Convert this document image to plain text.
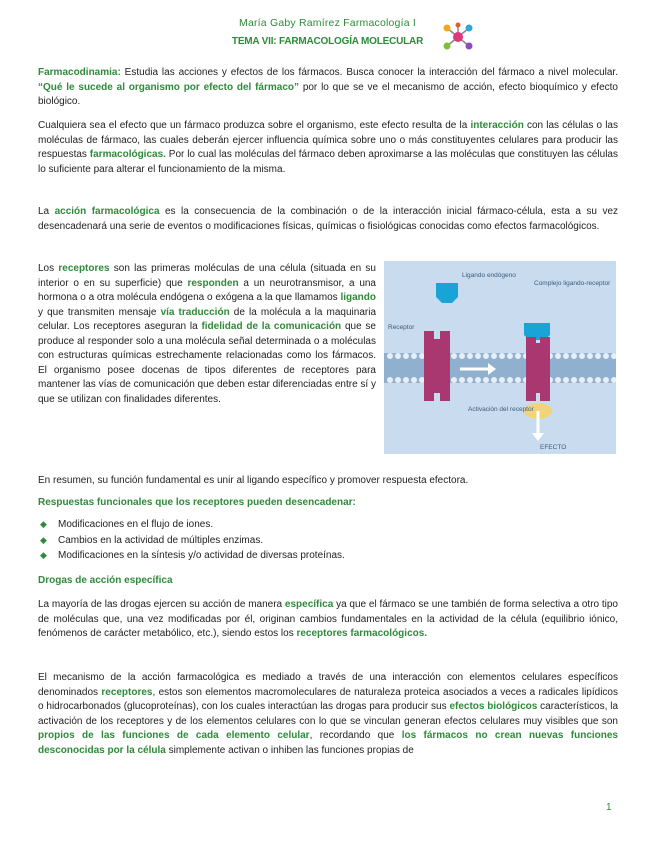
María Gaby Ramírez Farmacología I
TEMA VII: FARMACOLOGÍA MOLECULAR

Farmacodinamia: Estudia las acciones y efectos de los fármacos. Busca conocer la interacción del fármaco a nivel molecular. “Qué le sucede al organismo por efecto del fármaco” por lo que se ve el mecanismo de acción, efecto bioquímico y efecto biológico.

Cualquiera sea el efecto que un fármaco produzca sobre el organismo, este efecto resulta de la interacción con las células o las moléculas de fármaco, las cuales deberán ejercer influencia química sobre uno o más constituyentes celulares para producir las respuestas farmacológicas. Por lo cual las moléculas del fármaco deben aproximarse a las moléculas que constituyen las células lo suficiente para alterar el funcionamiento de la misma.

La acción farmacológica es la consecuencia de la combinación o de la interacción inicial fármaco-célula, esta a su vez desencadenará una serie de eventos o modificaciones físicas, químicas o fisiológicas conocidas como efectos farmacológicos.

Los receptores son las primeras moléculas de una célula (situada en su interior o en su superficie) que responden a un neurotransmisor, a una hormona o a otra molécula endógena o exógena a la que llamamos ligando y que transmiten mensaje vía traducción de la molécula a la maquinaria celular. Los receptores aseguran la fidelidad de la comunicación que se produce al responder solo a una molécula señal determinada o a moléculas con estructuras químicas estrechamente relacionadas como los fármacos. El organismo posee docenas de tipos diferentes de receptores para mantener las vías de comunicación que deben estar diferenciadas entre sí y que se utilizan con finalidades diferentes.

Ligando endógeno
Complejo ligando-receptor
Receptor
Activación del receptor
EFECTO

En resumen, su función fundamental es unir al ligando específico y promover respuesta efectora.

Respuestas funcionales que los receptores pueden desencadenar:
◆ Modificaciones en el flujo de iones.
◆ Cambios en la actividad de múltiples enzimas.
◆ Modificaciones en la síntesis y/o actividad de diversas proteínas.
Drogas de acción específica

La mayoría de las drogas ejercen su acción de manera específica ya que el fármaco se une también de forma selectiva a otro tipo de moléculas que, una vez modificadas por él, originan cambios fundamentales en la actividad de la célula (equilibrio iónico, fenómenos de carácter metabólico, etc.), siendo estos los receptores farmacológicos.

El mecanismo de la acción farmacológica es mediado a través de una interacción con elementos celulares específicos denominados receptores, estos son elementos macromoleculares de naturaleza proteica asociados a veces a radicales lipídicos o hidrocarbonados (glucoproteínas), con los cuales interactúan las drogas para producir sus efectos biológicos característicos, la activación de los receptores y de los elementos celulares con lo que se vinculan generan efectos celulares muy visibles que son propios de las funciones de cada elemento celular, recordando que los fármacos no crean nuevas funciones desconocidas por la célula simplemente activan o inhiben las funciones propias de

1
